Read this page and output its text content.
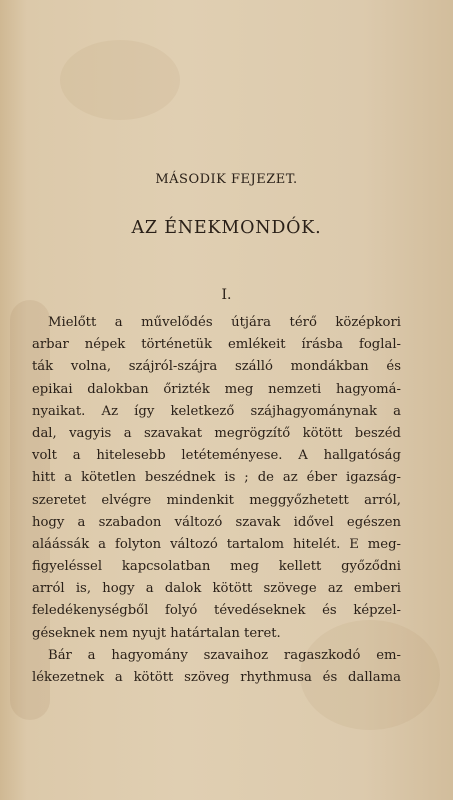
MÁSODIK FEJEZET.
AZ ÉNEKMONDÓK.
I.
Mielőtt a művelődés útjára térő középkori
arbar népek történetük emlékeit írásba foglal-
ták volna, szájról-szájra szálló mondákban és
epikai dalokban őrizték meg nemzeti hagyomá-
nyaikat. Az így keletkező szájhagyománynak a
dal, vagyis a szavakat megrögzítő kötött beszéd
volt a hitelesebb letéteményese. A hallgatóság
hitt a kötetlen beszédnek is ; de az éber igazság-
szeretet elvégre mindenkit meggyőzhetett arról,
hogy a szabadon változó szavak idővel egészen
aláássák a folyton változó tartalom hitelét. E meg-
figyeléssel kapcsolatban meg kellett győződni
arról is, hogy a dalok kötött szövege az emberi
feledékenységből folyó tévedéseknek és képzel-
géseknek nem nyujt határtalan teret.
Bár a hagyomány szavaihoz ragaszkodó em-
lékezetnek a kötött szöveg rhythmusa és dallama
